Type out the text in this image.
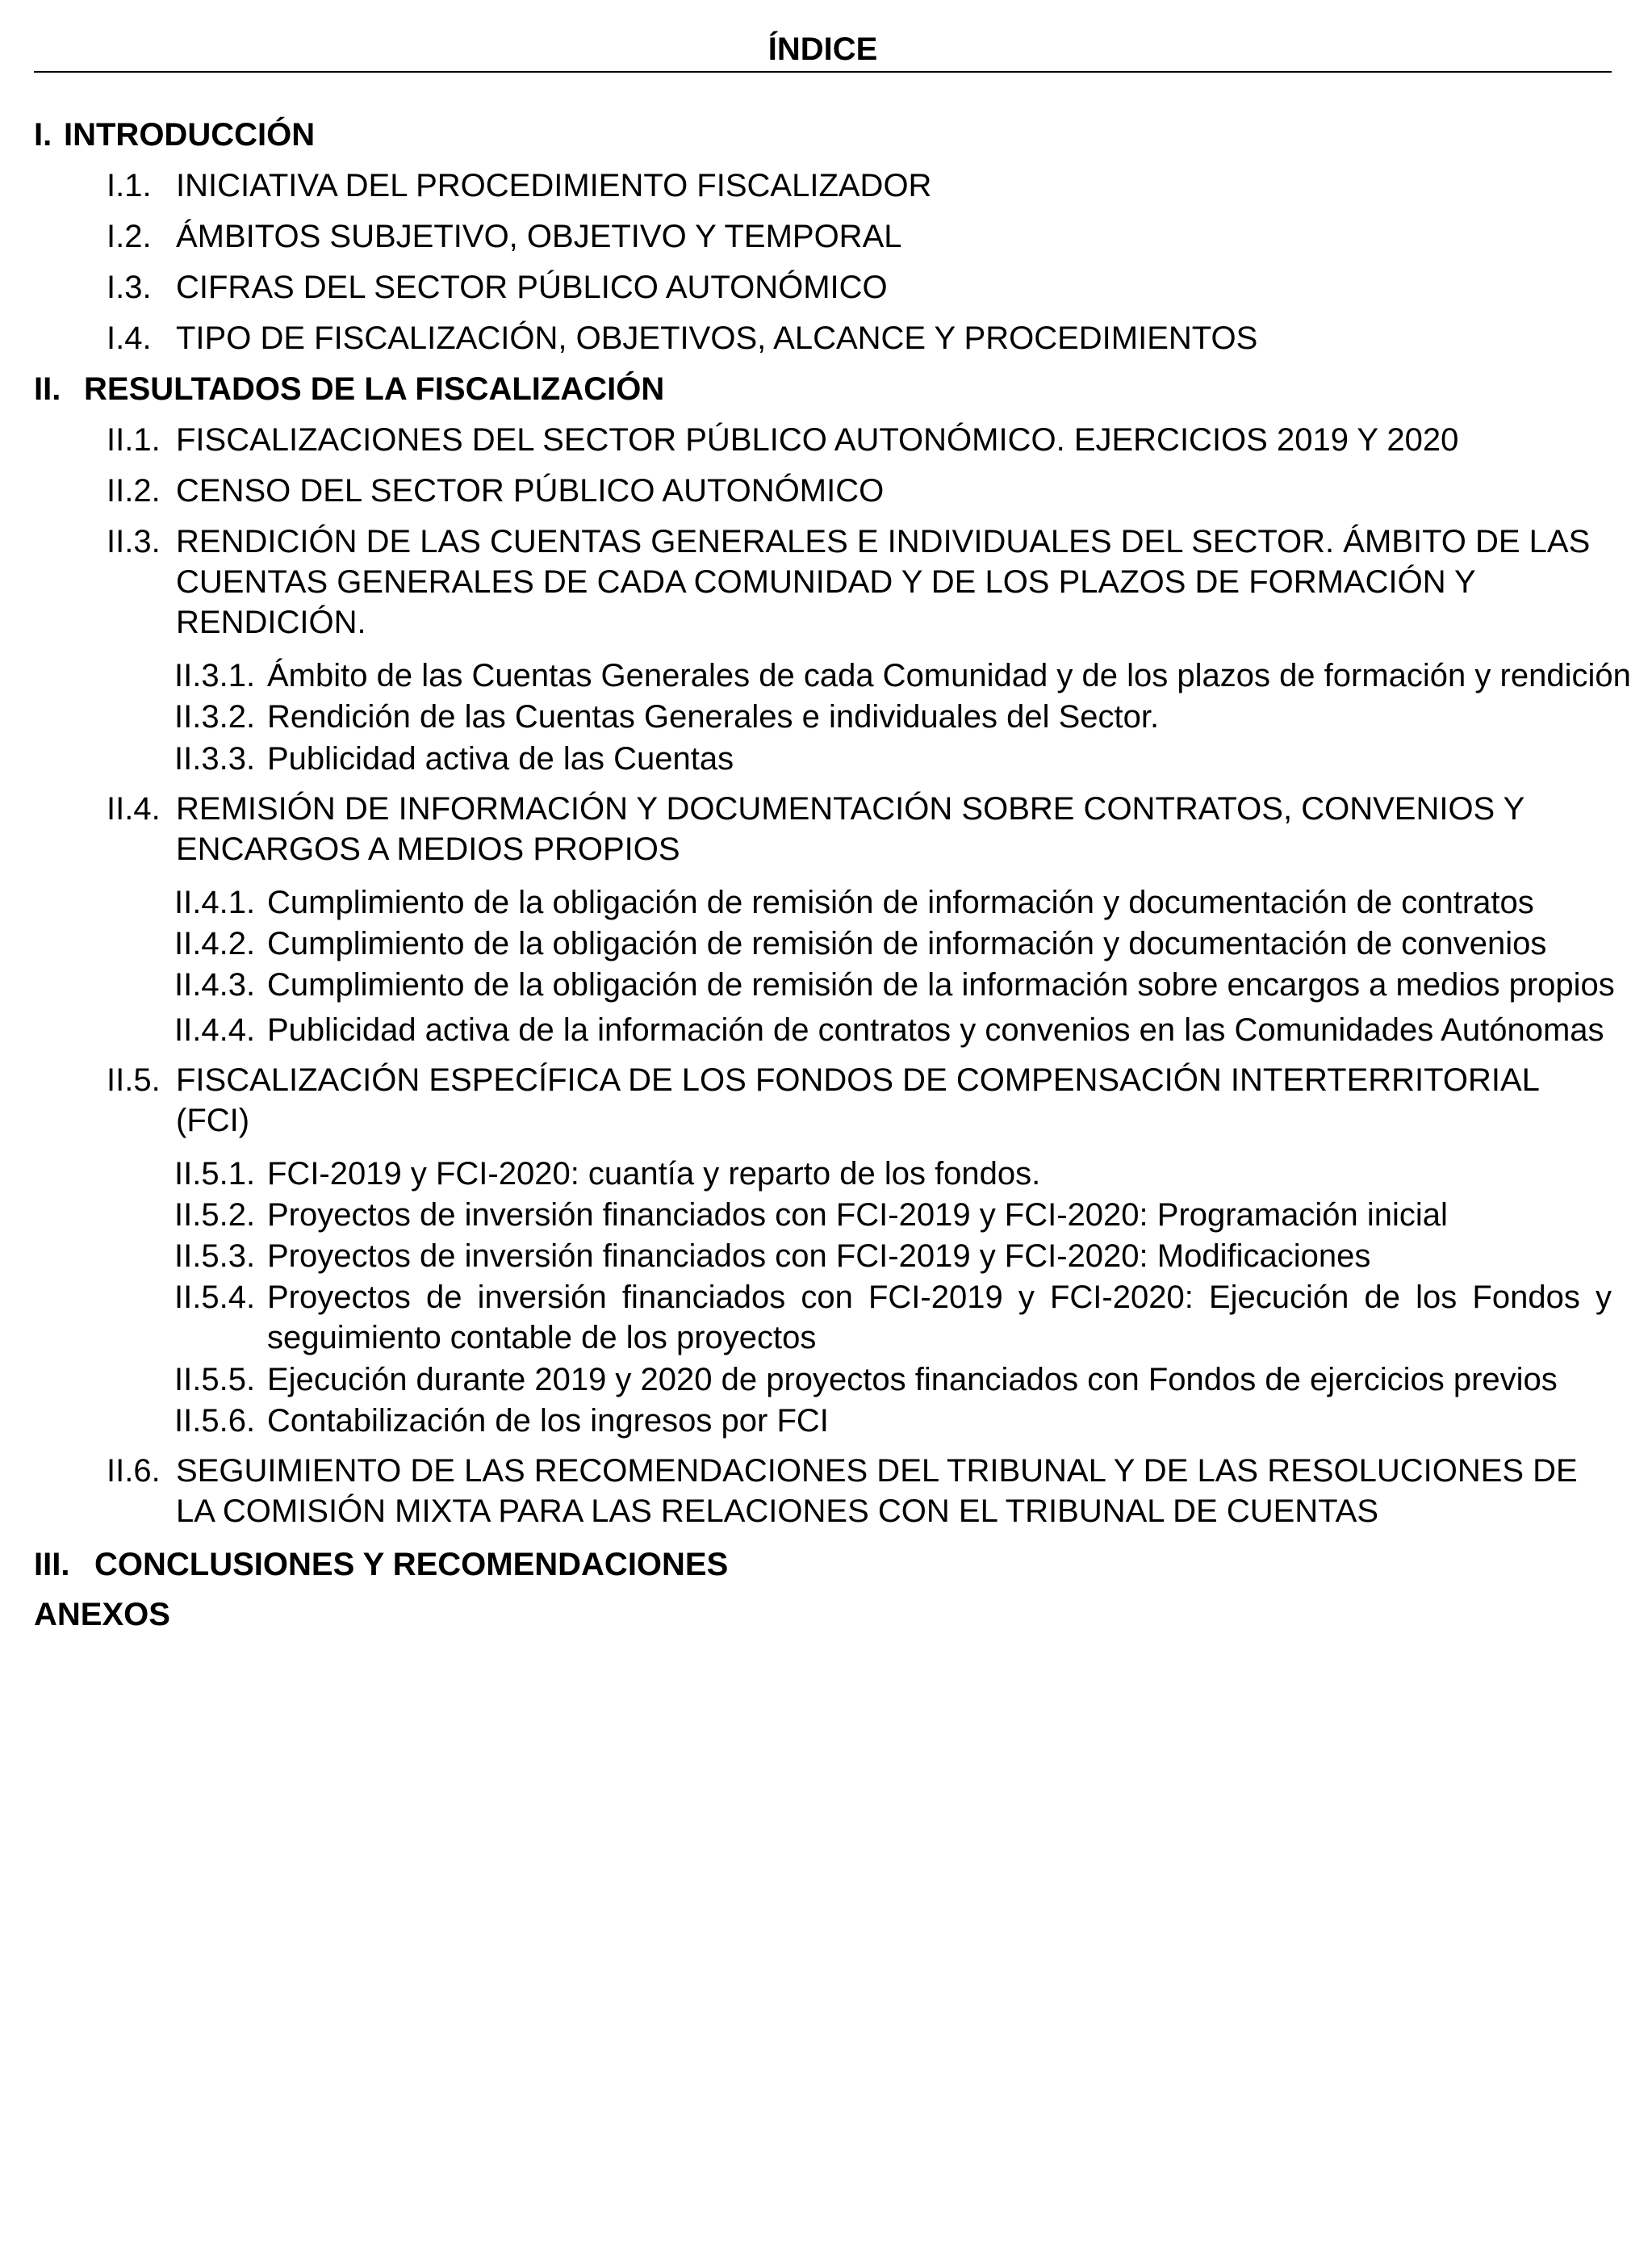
ÍNDICE
I. INTRODUCCIÓN
I.1. INICIATIVA DEL PROCEDIMIENTO FISCALIZADOR
I.2. ÁMBITOS SUBJETIVO, OBJETIVO Y TEMPORAL
I.3. CIFRAS DEL SECTOR PÚBLICO AUTONÓMICO
I.4. TIPO DE FISCALIZACIÓN, OBJETIVOS, ALCANCE Y PROCEDIMIENTOS
II. RESULTADOS DE LA FISCALIZACIÓN
II.1. FISCALIZACIONES DEL SECTOR PÚBLICO AUTONÓMICO. EJERCICIOS 2019 Y 2020
II.2. CENSO DEL SECTOR PÚBLICO AUTONÓMICO
II.3. RENDICIÓN DE LAS CUENTAS GENERALES E INDIVIDUALES DEL SECTOR. ÁMBITO DE LAS
CUENTAS GENERALES DE CADA COMUNIDAD Y DE LOS PLAZOS DE FORMACIÓN Y
RENDICIÓN.
II.3.1. Ámbito de las Cuentas Generales de cada Comunidad y de los plazos de formación y rendición
II.3.2. Rendición de las Cuentas Generales e individuales del Sector.
II.3.3. Publicidad activa de las Cuentas
II.4. REMISIÓN DE INFORMACIÓN Y DOCUMENTACIÓN SOBRE CONTRATOS, CONVENIOS Y
ENCARGOS A MEDIOS PROPIOS
II.4.1. Cumplimiento de la obligación de remisión de información y documentación de contratos
II.4.2. Cumplimiento de la obligación de remisión de información y documentación de convenios
II.4.3. Cumplimiento de la obligación de remisión de la información sobre encargos a medios propios
II.4.4. Publicidad activa de la información de contratos y convenios en las Comunidades Autónomas
II.5. FISCALIZACIÓN ESPECÍFICA DE LOS FONDOS DE COMPENSACIÓN INTERTERRITORIAL
(FCI)
II.5.1. FCI-2019 y FCI-2020: cuantía y reparto de los fondos.
II.5.2. Proyectos de inversión financiados con FCI-2019 y FCI-2020: Programación inicial
II.5.3. Proyectos de inversión financiados con FCI-2019 y FCI-2020: Modificaciones
II.5.4. Proyectos de inversión financiados con FCI-2019 y FCI-2020: Ejecución de los Fondos y
seguimiento contable de los proyectos
II.5.5. Ejecución durante 2019 y 2020 de proyectos financiados con Fondos de ejercicios previos
II.5.6. Contabilización de los ingresos por FCI
II.6. SEGUIMIENTO DE LAS RECOMENDACIONES DEL TRIBUNAL Y DE LAS RESOLUCIONES DE
LA COMISIÓN MIXTA PARA LAS RELACIONES CON EL TRIBUNAL DE CUENTAS
III. CONCLUSIONES Y RECOMENDACIONES
ANEXOS
